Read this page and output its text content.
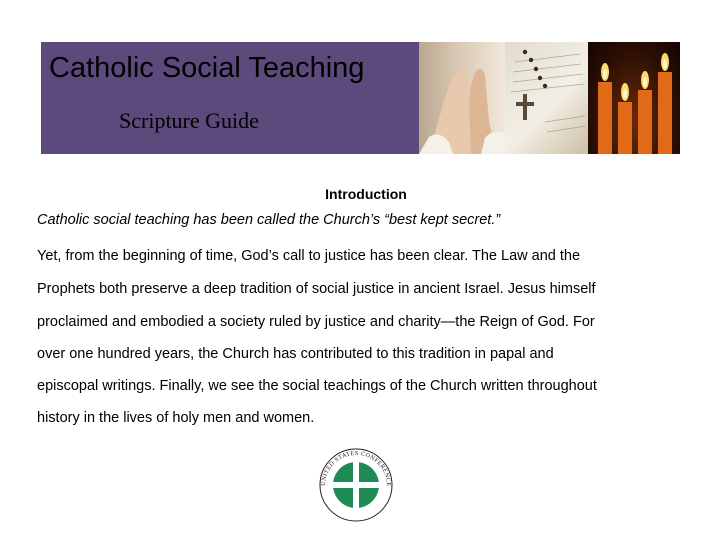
Catholic Social Teaching
Scripture Guide
Introduction
Catholic social teaching has been called the Church’s “best kept secret.”
Yet, from the beginning of time, God’s call to justice has been clear. The Law and the
Prophets both preserve a deep tradition of social justice in ancient Israel. Jesus himself
proclaimed and embodied a society ruled by justice and charity—the Reign of God. For
over one hundred years, the Church has contributed to this tradition in papal and
episcopal writings. Finally, we see the social teachings of the Church written throughout
history in the lives of holy men and women.
UNITED STATES CONFERENCE
